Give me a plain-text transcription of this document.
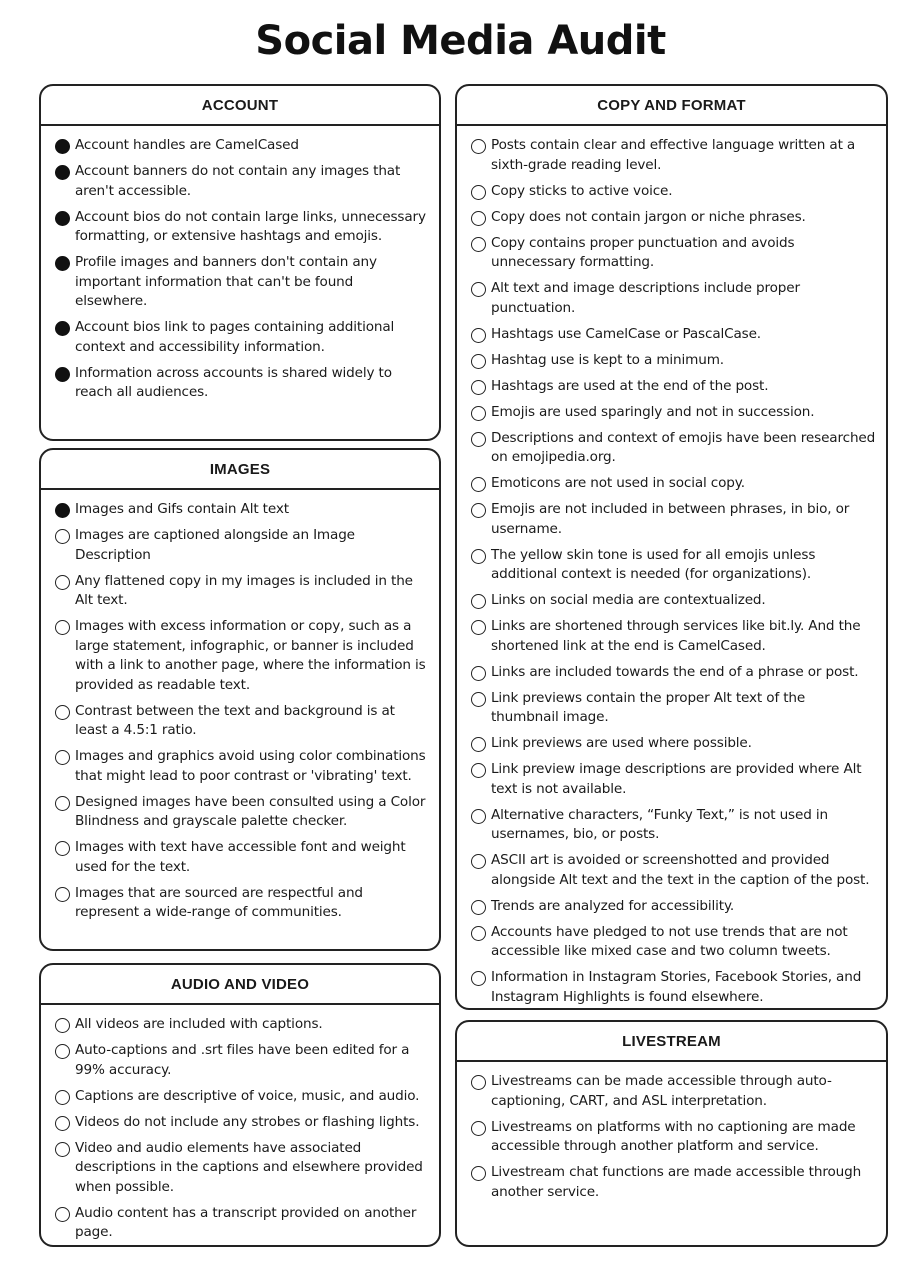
Social Media Audit
ACCOUNT
Account handles are CamelCased
Account banners do not contain any images that aren't accessible.
Account bios do not contain large links, unnecessary formatting, or extensive hashtags and emojis.
Profile images and banners don't contain any important information that can't be found elsewhere.
Account bios link to pages containing additional context and accessibility information.
Information across accounts is shared widely to reach all audiences.
IMAGES
Images and Gifs contain Alt text
Images are captioned alongside an Image Description
Any flattened copy in my images is included in the Alt text.
Images with excess information or copy, such as a large statement, infographic, or banner is included with a link to another page, where the information is provided as readable text.
Contrast between the text and background is at least a 4.5:1 ratio.
Images and graphics avoid using color combinations that might lead to poor contrast or 'vibrating' text.
Designed images have been consulted using a Color Blindness and grayscale palette checker.
Images with text have accessible font and weight used for the text.
Images that are sourced are respectful and represent a wide-range of communities.
AUDIO AND VIDEO
All videos are included with captions.
Auto-captions and .srt files have been edited for a 99% accuracy.
Captions are descriptive of voice, music, and audio.
Videos do not include any strobes or flashing lights.
Video and audio elements have associated descriptions in the captions and elsewhere provided when possible.
Audio content has a transcript provided on another page.
COPY AND FORMAT
Posts contain clear and effective language written at a sixth-grade reading level.
Copy sticks to active voice.
Copy does not contain jargon or niche phrases.
Copy contains proper punctuation and avoids unnecessary formatting.
Alt text and image descriptions include proper punctuation.
Hashtags use CamelCase or PascalCase.
Hashtag use is kept to a minimum.
Hashtags are used at the end of the post.
Emojis are used sparingly and not in succession.
Descriptions and context of emojis have been researched on emojipedia.org.
Emoticons are not used in social copy.
Emojis are not included in between phrases, in bio, or username.
The yellow skin tone is used for all emojis unless additional context is needed (for organizations).
Links on social media are contextualized.
Links are shortened through services like bit.ly. And the shortened link at the end is CamelCased.
Links are included towards the end of a phrase or post.
Link previews contain the proper Alt text of the thumbnail image.
Link previews are used where possible.
Link preview image descriptions are provided where Alt text is not available.
Alternative characters, “Funky Text,” is not used in usernames, bio, or posts.
ASCII art is avoided or screenshotted and provided alongside Alt text and the text in the caption of the post.
Trends are analyzed for accessibility.
Accounts have pledged to not use trends that are not accessible like mixed case and two column tweets.
Information in Instagram Stories, Facebook Stories, and Instagram Highlights is found elsewhere.
LIVESTREAM
Livestreams can be made accessible through auto-captioning, CART, and ASL interpretation.
Livestreams on platforms with no captioning are made accessible through another platform and service.
Livestream chat functions are made accessible through another service.
